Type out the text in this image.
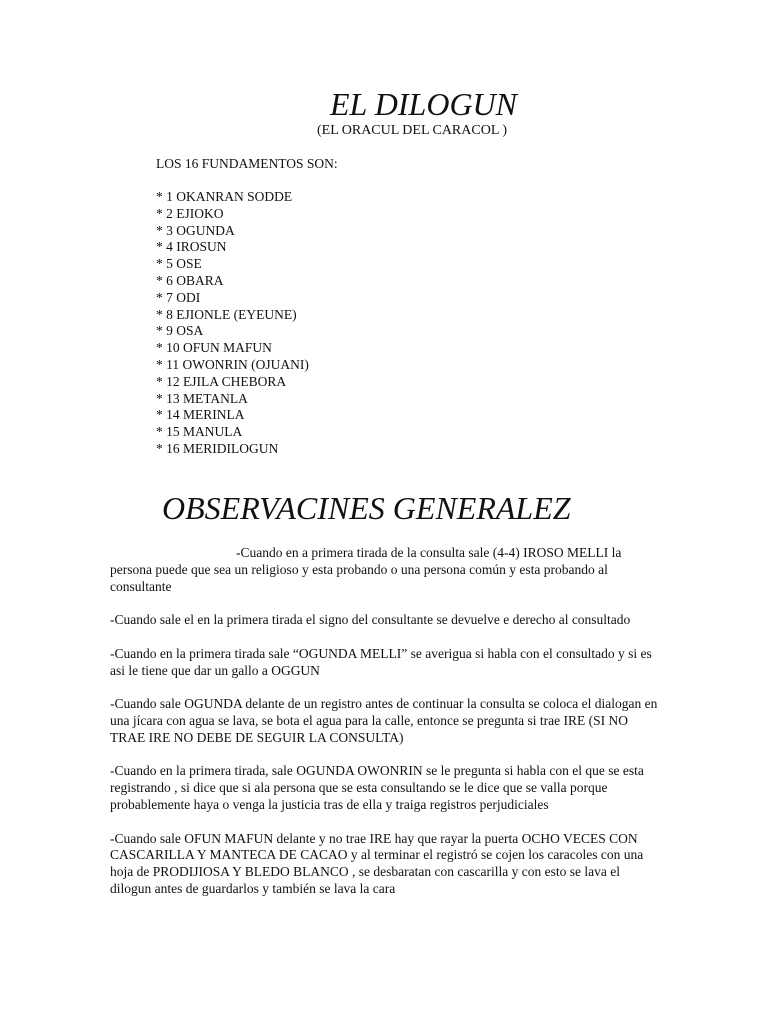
EL DILOGUN
(EL ORACUL DEL CARACOL )
LOS 16 FUNDAMENTOS SON:
* 1 OKANRAN SODDE
* 2 EJIOKO
* 3 OGUNDA
* 4 IROSUN
* 5 OSE
* 6 OBARA
* 7 ODI
* 8 EJIONLE (EYEUNE)
* 9 OSA
* 10 OFUN MAFUN
* 11 OWONRIN (OJUANI)
* 12 EJILA CHEBORA
* 13 METANLA
* 14 MERINLA
* 15 MANULA
* 16 MERIDILOGUN
OBSERVACINES GENERALEZ

-Cuando en a primera tirada de la consulta sale (4-4) IROSO MELLI la persona puede que sea un religioso y esta probando o una persona común y esta probando al consultante

-Cuando sale el en la primera tirada el signo del consultante se devuelve e derecho al consultado

-Cuando en la primera tirada sale “OGUNDA MELLI” se averigua si habla con el consultado y si es asi le tiene que dar un gallo a OGGUN

-Cuando sale OGUNDA delante de un registro antes de continuar la consulta se coloca el dialogan en una jícara con agua se lava, se bota el agua para la calle, entonce se pregunta si trae IRE (SI NO TRAE IRE NO DEBE DE SEGUIR LA CONSULTA)

-Cuando en la primera tirada, sale OGUNDA OWONRIN se le pregunta si habla con el que se esta registrando , si dice que si ala persona que se esta consultando se le dice que se valla porque probablemente haya o venga la justicia tras de ella y traiga registros perjudiciales

-Cuando sale OFUN MAFUN delante y no trae IRE hay que rayar la puerta OCHO VECES CON CASCARILLA Y MANTECA DE CACAO y al terminar el registró se cojen los caracoles con una hoja de PRODIJIOSA Y BLEDO BLANCO , se desbaratan con cascarilla y con esto se lava el dilogun antes de guardarlos y también se lava la cara
